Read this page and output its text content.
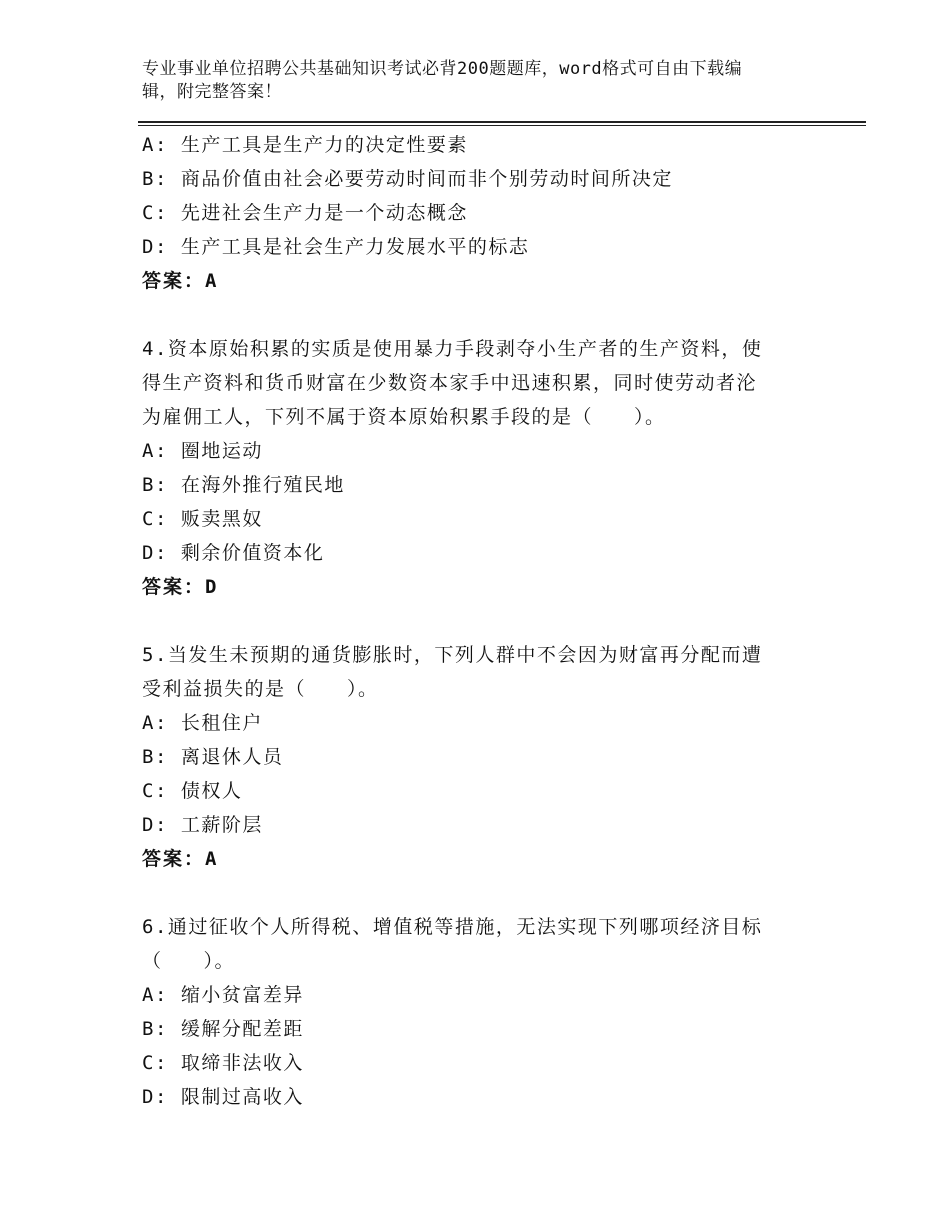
专业事业单位招聘公共基础知识考试必背200题题库，word格式可自由下载编
辑，附完整答案！
A: 生产工具是生产力的决定性要素
B: 商品价值由社会必要劳动时间而非个别劳动时间所决定
C: 先进社会生产力是一个动态概念
D: 生产工具是社会生产力发展水平的标志
答案：A
4.资本原始积累的实质是使用暴力手段剥夺小生产者的生产资料，使
得生产资料和货币财富在少数资本家手中迅速积累，同时使劳动者沦
为雇佣工人，下列不属于资本原始积累手段的是（　　）。
A: 圈地运动
B: 在海外推行殖民地
C: 贩卖黑奴
D: 剩余价值资本化
答案：D
5.当发生未预期的通货膨胀时，下列人群中不会因为财富再分配而遭
受利益损失的是（　　）。
A: 长租住户
B: 离退休人员
C: 债权人
D: 工薪阶层
答案：A
6.通过征收个人所得税、增值税等措施，无法实现下列哪项经济目标
（　　）。
A: 缩小贫富差异
B: 缓解分配差距
C: 取缔非法收入
D: 限制过高收入
